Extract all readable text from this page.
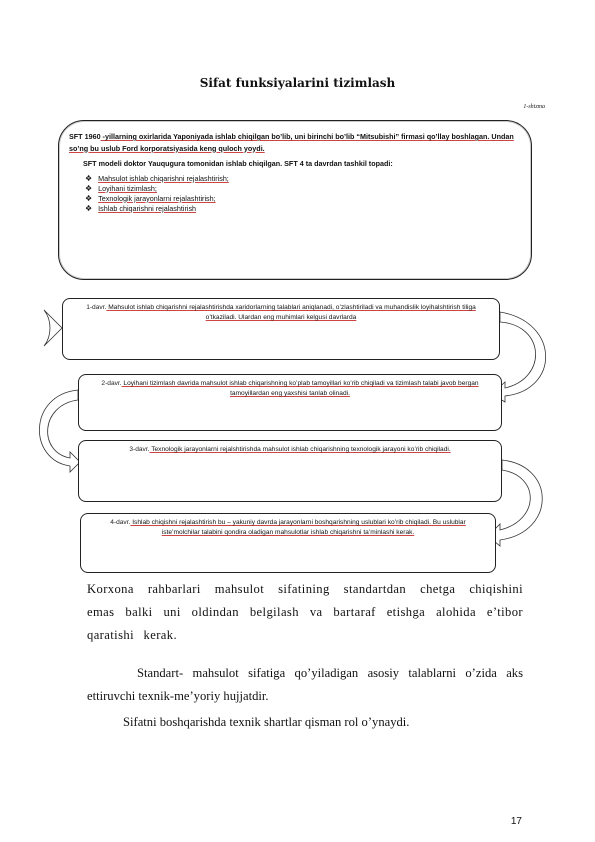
Sifat funksiyalarini tizimlash
1-shizma

SFT 1960 -yillarning oxirlarida Yaponiyada ishlab chiqilgan bo’lib, uni birinchi bo’lib “Mitsubishi” firmasi qo’llay boshlagan. Undan so’ng bu uslub Ford korporatsiyasida keng quloch yoydi.

SFT modeli doktor Yauqugura tomonidan ishlab chiqilgan. SFT 4 ta davrdan tashkil topadi:

❖ Mahsulot ishlab chiqarishni rejalashtirish;
❖ Loyihani tizimlash;
❖ Texnologik jarayonlarni rejalashtirish;
❖ Ishlab chiqarishni rejalashtirish
1-davr. Mahsulot ishlab chiqarishni rejalashtirishda xaridorlarning talablari aniqlanadi, o’zlashtiriladi va muhandislik loyihalshtirish tiliga o’tkaziladi. Ulardan eng muhimlari kelgusi davrlarda
2-davr. Loyihani tizimlash davrida mahsulot ishlab chiqarishning ko’plab tamoyillari ko’rib chiqiladi va tizimlash talabi javob bergan tamoyillardan eng yaxshisi tanlab olinadi.
3-davr. Texnologik jarayonlarni rejalshtirishda mahsulot ishlab chiqarishning texnologik jarayoni ko’rib chiqiladi.
4-davr. Ishlab chiqishni rejalashtirish bu – yakuniy davrda jarayonlarni boshqarishning uslublari ko’rib chiqiladi. Bu uslublar iste’molchilar talabini qondira oladigan mahsulotlar ishlab chiqarishni ta’minlashi kerak.
Korxona rahbarlari mahsulot sifatining standartdan chetga chiqishini emas balki uni oldindan belgilash va bartaraf etishga alohida e’tibor qaratishi kerak.
Standart- mahsulot sifatiga qo’yiladigan asosiy talablarni o’zida aks ettiruvchi texnik-me’yoriy hujjatdir.
Sifatni boshqarishda texnik shartlar qisman rol o’ynaydi.
17
